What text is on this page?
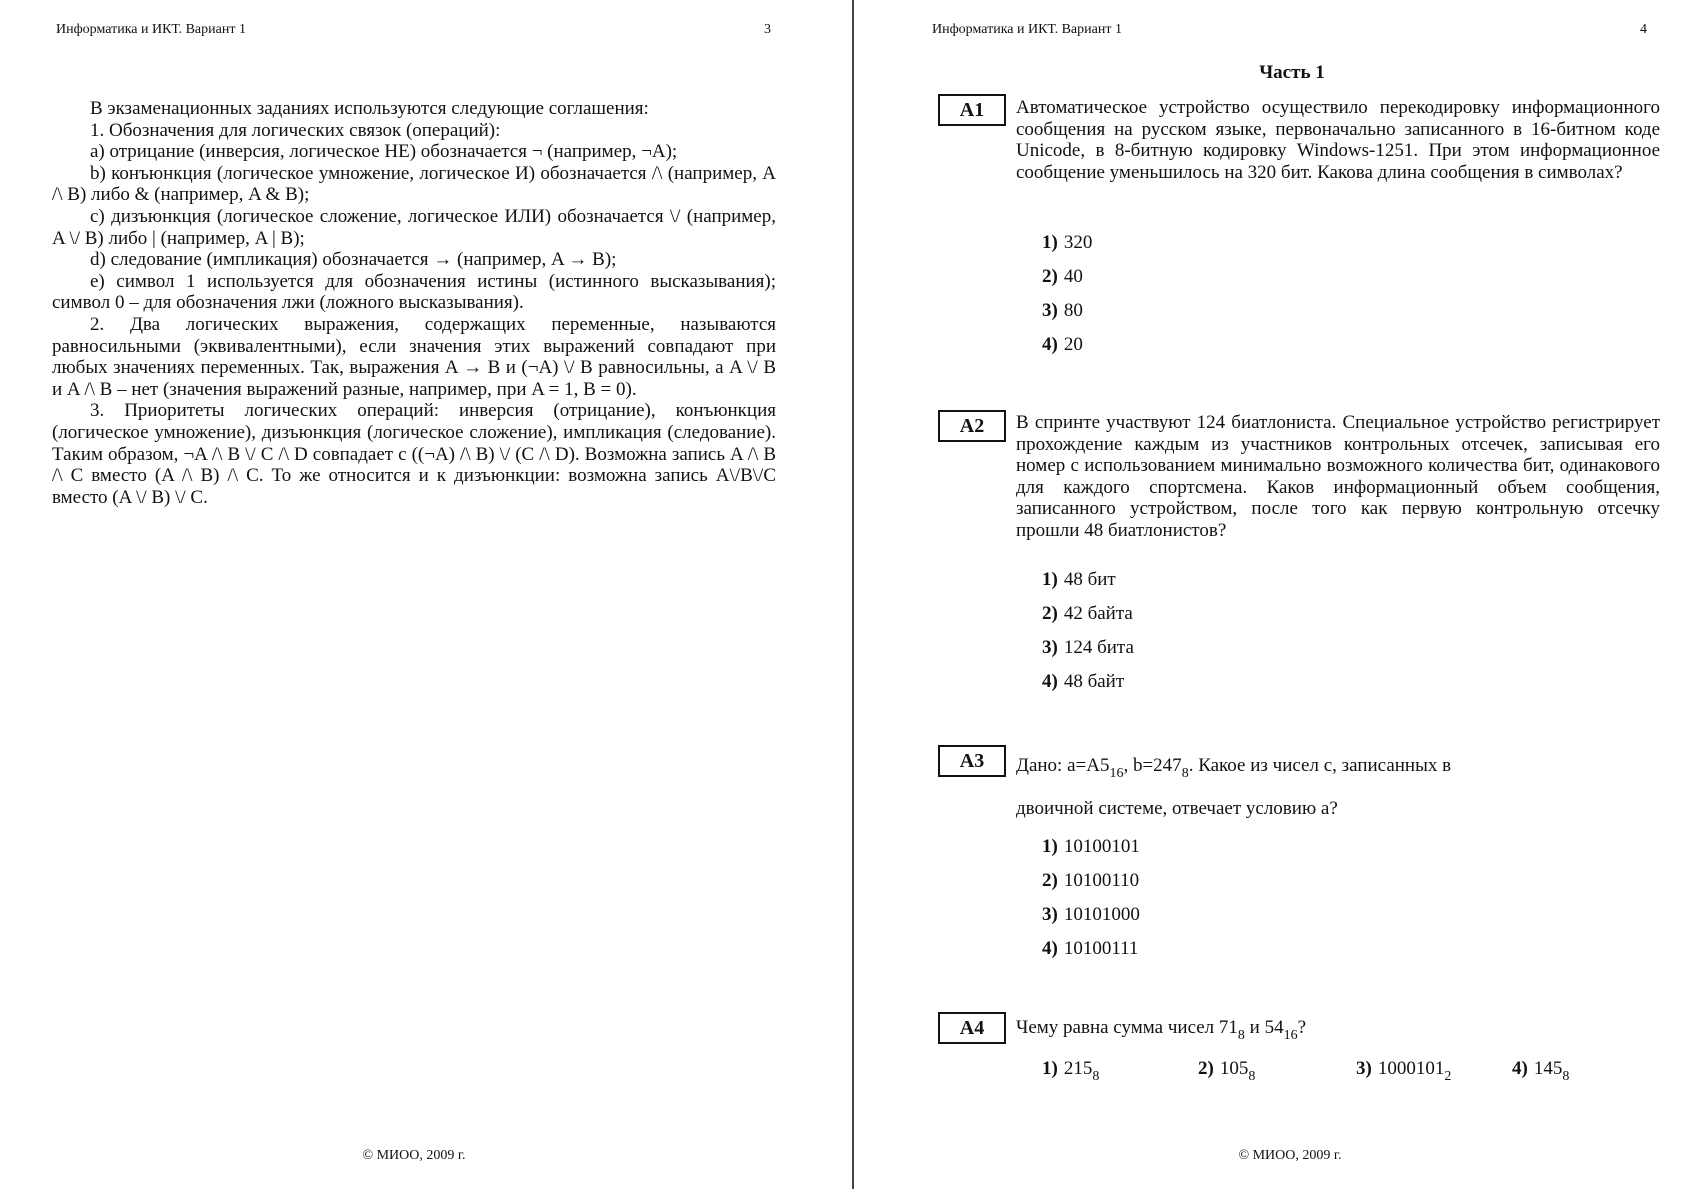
Информатика и ИКТ. Вариант 1	3

В экзаменационных заданиях используются следующие соглашения:

1. Обозначения для логических связок (операций):

a) отрицание (инверсия, логическое НЕ) обозначается ¬ (например, ¬A);

b) конъюнкция (логическое умножение, логическое И) обозначается /\ (например, A /\ B) либо & (например, A & B);

c) дизъюнкция (логическое сложение, логическое ИЛИ) обозначается \/ (например, A \/ B) либо | (например, A | B);

d) следование (импликация) обозначается → (например, A → B);

e) символ 1 используется для обозначения истины (истинного высказывания); символ 0 – для обозначения лжи (ложного высказывания).

2. Два логических выражения, содержащих переменные, называются равносильными (эквивалентными), если значения этих выражений совпадают при любых значениях переменных. Так, выражения A → B и (¬A) \/ B равносильны, а A \/ B и A /\ B – нет (значения выражений разные, например, при A = 1, B = 0).

3. Приоритеты логических операций: инверсия (отрицание), конъюнкция (логическое умножение), дизъюнкция (логическое сложение), импликация (следование). Таким образом, ¬A /\ B \/ C /\ D совпадает с ((¬A) /\ B) \/ (C /\ D). Возможна запись A /\ B /\ C вместо (A /\ B) /\ C. То же относится и к дизъюнкции: возможна запись A\/B\/C вместо (A \/ B) \/ C.

© МИОО, 2009 г.
Информатика и ИКТ. Вариант 1	4
Часть 1
A1	Автоматическое устройство осуществило перекодировку информационного сообщения на русском языке, первоначально записанного в 16-битном коде Unicode, в 8-битную кодировку Windows-1251. При этом информационное сообщение уменьшилось на 320 бит. Какова длина сообщения в символах?
1) 320
2) 40
3) 80
4) 20
A2	В спринте участвуют 124 биатлониста. Специальное устройство регистрирует прохождение каждым из участников контрольных отсечек, записывая его номер с использованием минимально возможного количества бит, одинакового для каждого спортсмена. Каков информационный объем сообщения, записанного устройством, после того как первую контрольную отсечку прошли 48 биатлонистов?
1) 48 бит
2) 42 байта
3) 124 бита
4) 48 байт
A3	Дано: $a=A5_{16}$, $b=247_8$. Какое из чисел c, записанных в
двоичной системе, отвечает условию a?
1) 10100101
2) 10100110
3) 10101000
4) 10100111
A4	Чему равна сумма чисел $71_8$ и $54_{16}$?
1) $215_8$	2) $105_8$	3) $1000101_2$	4) $145_8$
© МИОО, 2009 г.
